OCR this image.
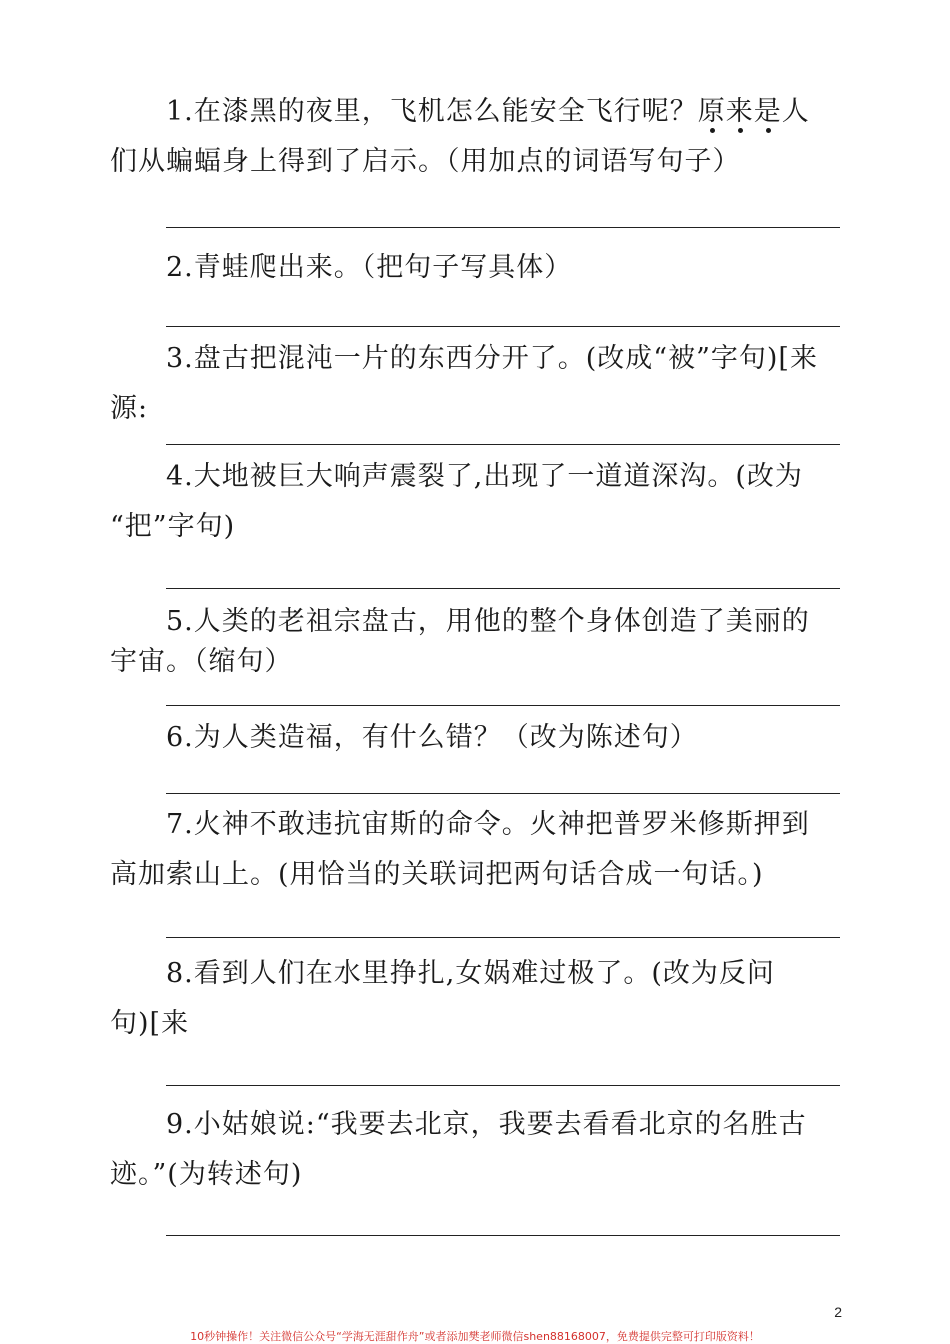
1.在漆黑的夜里，飞机怎么能安全飞行呢？原来是人
们从蝙蝠身上得到了启示。（用加点的词语写句子）
2.青蛙爬出来。（把句子写具体）
3.盘古把混沌一片的东西分开了。(改成“被”字句)[来
源:
4.大地被巨大响声震裂了,出现了一道道深沟。(改为
“把”字句)
5.人类的老祖宗盘古，用他的整个身体创造了美丽的
宇宙。（缩句）
6.为人类造福，有什么错？（改为陈述句）
7.火神不敢违抗宙斯的命令。火神把普罗米修斯押到
高加索山上。(用恰当的关联词把两句话合成一句话。)
8.看到人们在水里挣扎,女娲难过极了。(改为反问
句)[来
9.小姑娘说:“我要去北京，我要去看看北京的名胜古
迹。”(为转述句)
2
10秒钟操作！关注微信公众号“学海无涯甜作舟”或者添加樊老师微信shen88168007，免费提供完整可打印版资料！
